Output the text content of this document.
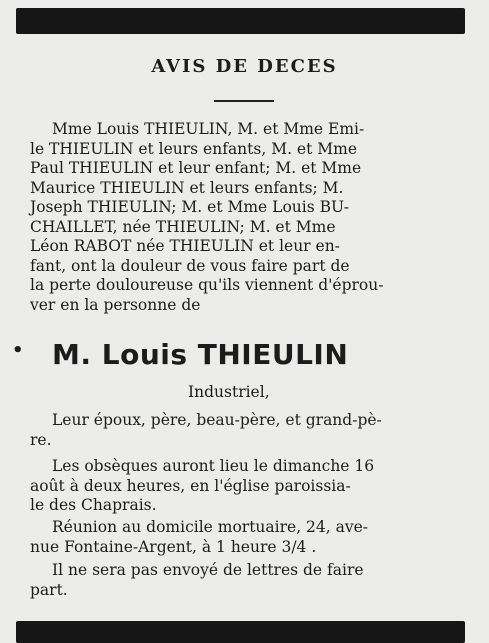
AVIS DE DECES
Mme Louis THIEULIN, M. et Mme Emi-
le THIEULIN et leurs enfants, M. et Mme
Paul THIEULIN et leur enfant; M. et Mme
Maurice THIEULIN et leurs enfants; M.
Joseph THIEULIN; M. et Mme Louis BU-
CHAILLET, née THIEULIN; M. et Mme
Léon RABOT née THIEULIN et leur en-
fant, ont la douleur de vous faire part de
la perte douloureuse qu'ils viennent d'éprou-
ver en la personne de
• M. Louis THIEULIN
Industriel,
Leur époux, père, beau-père, et grand-pè-
re.
Les obsèques auront lieu le dimanche 16
août à deux heures, en l'église paroissia-
le des Chaprais.
Réunion au domicile mortuaire, 24, ave-
nue Fontaine-Argent, à 1 heure 3/4 .
Il ne sera pas envoyé de lettres de faire
part.
